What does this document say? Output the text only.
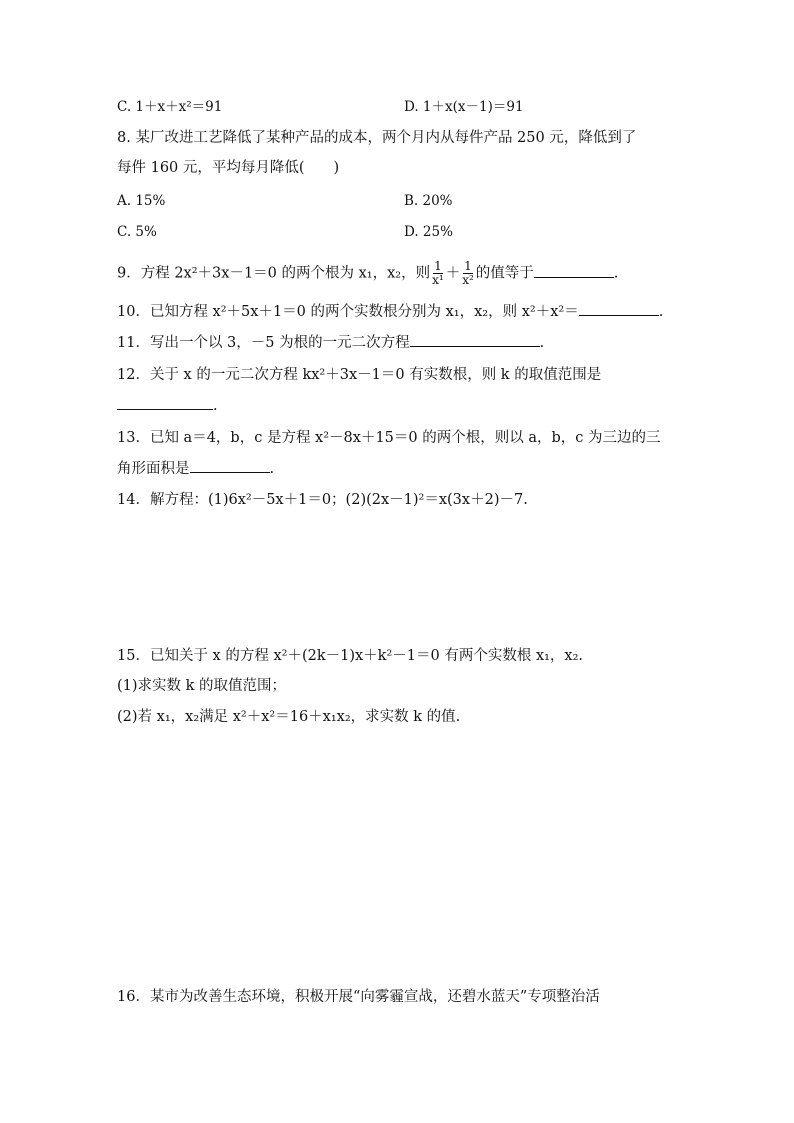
C. 1＋x＋x²＝91	D. 1＋x(x－1)＝91
8. 某厂改进工艺降低了某种产品的成本，两个月内从每件产品 250 元，降低到了
每件 160 元，平均每月降低(　　)
A. 15%	B. 20%
C. 5%	D. 25%
9．方程 2x²＋3x－1＝0 的两个根为 x₁，x₂，则 $\frac{1}{\text{x¹}} + \frac{1}{\text{x²}}$ 的值等于	.
10．已知方程 x²＋5x＋1＝0 的两个实数根分别为 x₁，x₂，则 x²＋x²＝	.
11．写出一个以 3，－5 为根的一元二次方程	.
12．关于 x 的一元二次方程 kx²＋3x－1＝0 有实数根，则 k 的取值范围是
.
13．已知 a＝4，b，c 是方程 x²－8x＋15＝0 的两个根，则以 a，b，c 为三边的三
角形面积是	.
14．解方程：(1)6x²－5x＋1＝0；(2)(2x－1)²＝x(3x＋2)－7.
15．已知关于 x 的方程 x²＋(2k－1)x＋k²－1＝0 有两个实数根 x₁，x₂.
(1)求实数 k 的取值范围；
(2)若 x₁，x₂满足 x²＋x²＝16＋x₁x₂，求实数 k 的值.
16．某市为改善生态环境，积极开展“向雾霾宣战，还碧水蓝天”专项整治活
